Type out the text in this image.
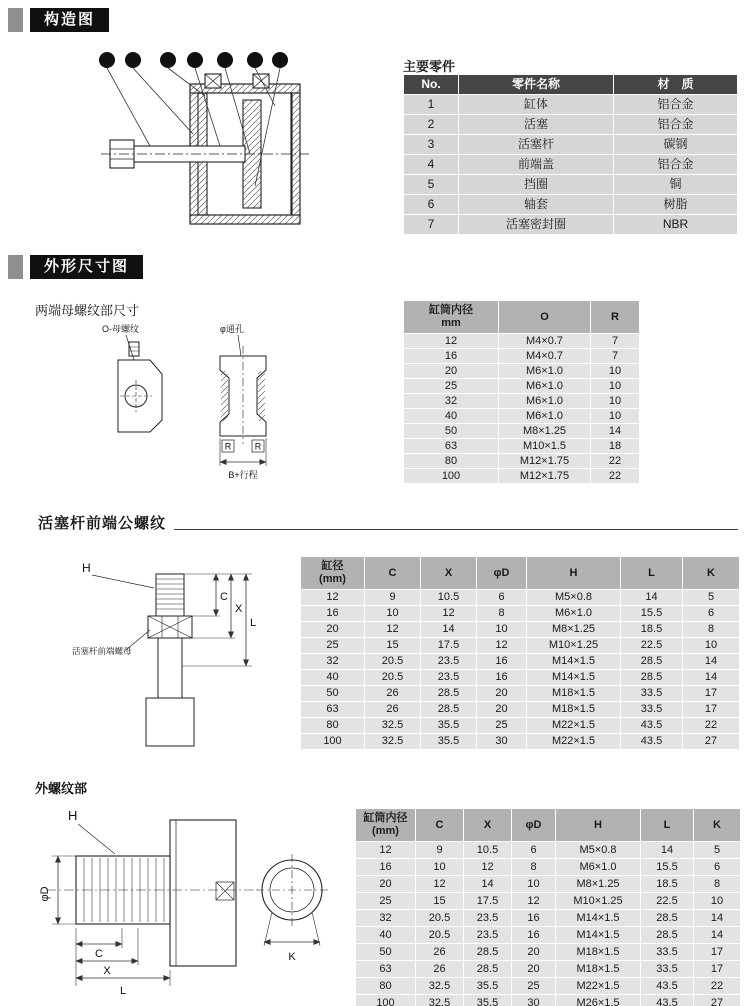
构造图
3 5	4 6 2 1 7	主要零件
No.	零件名称	材　质
1	缸体	铝合金
2	活塞	铝合金
3	活塞杆	碳钢
4	前端盖	铝合金
5	挡圈	铜
6	轴套	树脂
7	活塞密封圈	NBR
外形尺寸图
两端母螺纹部尺寸
O-母螺纹	φ通孔
R	R
B+行程
缸筒内径
mm	O	R

12	M4×0.7	7
16	M4×0.7	7
20	M6×1.0	10
25	M6×1.0	10
32	M6×1.0	10
40	M6×1.0	10
50	M8×1.25	14
63	M10×1.5	18
80	M12×1.75	22
100	M12×1.75	22
活塞杆前端公螺纹
H
活塞杆前端螺母
C
X
L
缸径
(mm)	C	X	φD	H	L	K

12	9	10.5	6	M5×0.8	14	5
16	10	12	8	M6×1.0	15.5	6
20	12	14	10	M8×1.25	18.5	8
25	15	17.5	12	M10×1.25	22.5	10
32	20.5	23.5	16	M14×1.5	28.5	14
40	20.5	23.5	16	M14×1.5	28.5	14
50	26	28.5	20	M18×1.5	33.5	17
63	26	28.5	20	M18×1.5	33.5	17
80	32.5	35.5	25	M22×1.5	43.5	22
100	32.5	35.5	30	M22×1.5	43.5	27
外螺纹部
H
φD
C
X
L
K
缸筒内径
(mm)	C	X	φD	H	L	K

12	9	10.5	6	M5×0.8	14	5
16	10	12	8	M6×1.0	15.5	6
20	12	14	10	M8×1.25	18.5	8
25	15	17.5	12	M10×1.25	22.5	10
32	20.5	23.5	16	M14×1.5	28.5	14
40	20.5	23.5	16	M14×1.5	28.5	14
50	26	28.5	20	M18×1.5	33.5	17
63	26	28.5	20	M18×1.5	33.5	17
80	32.5	35.5	25	M22×1.5	43.5	22
100	32.5	35.5	30	M26×1.5	43.5	27
